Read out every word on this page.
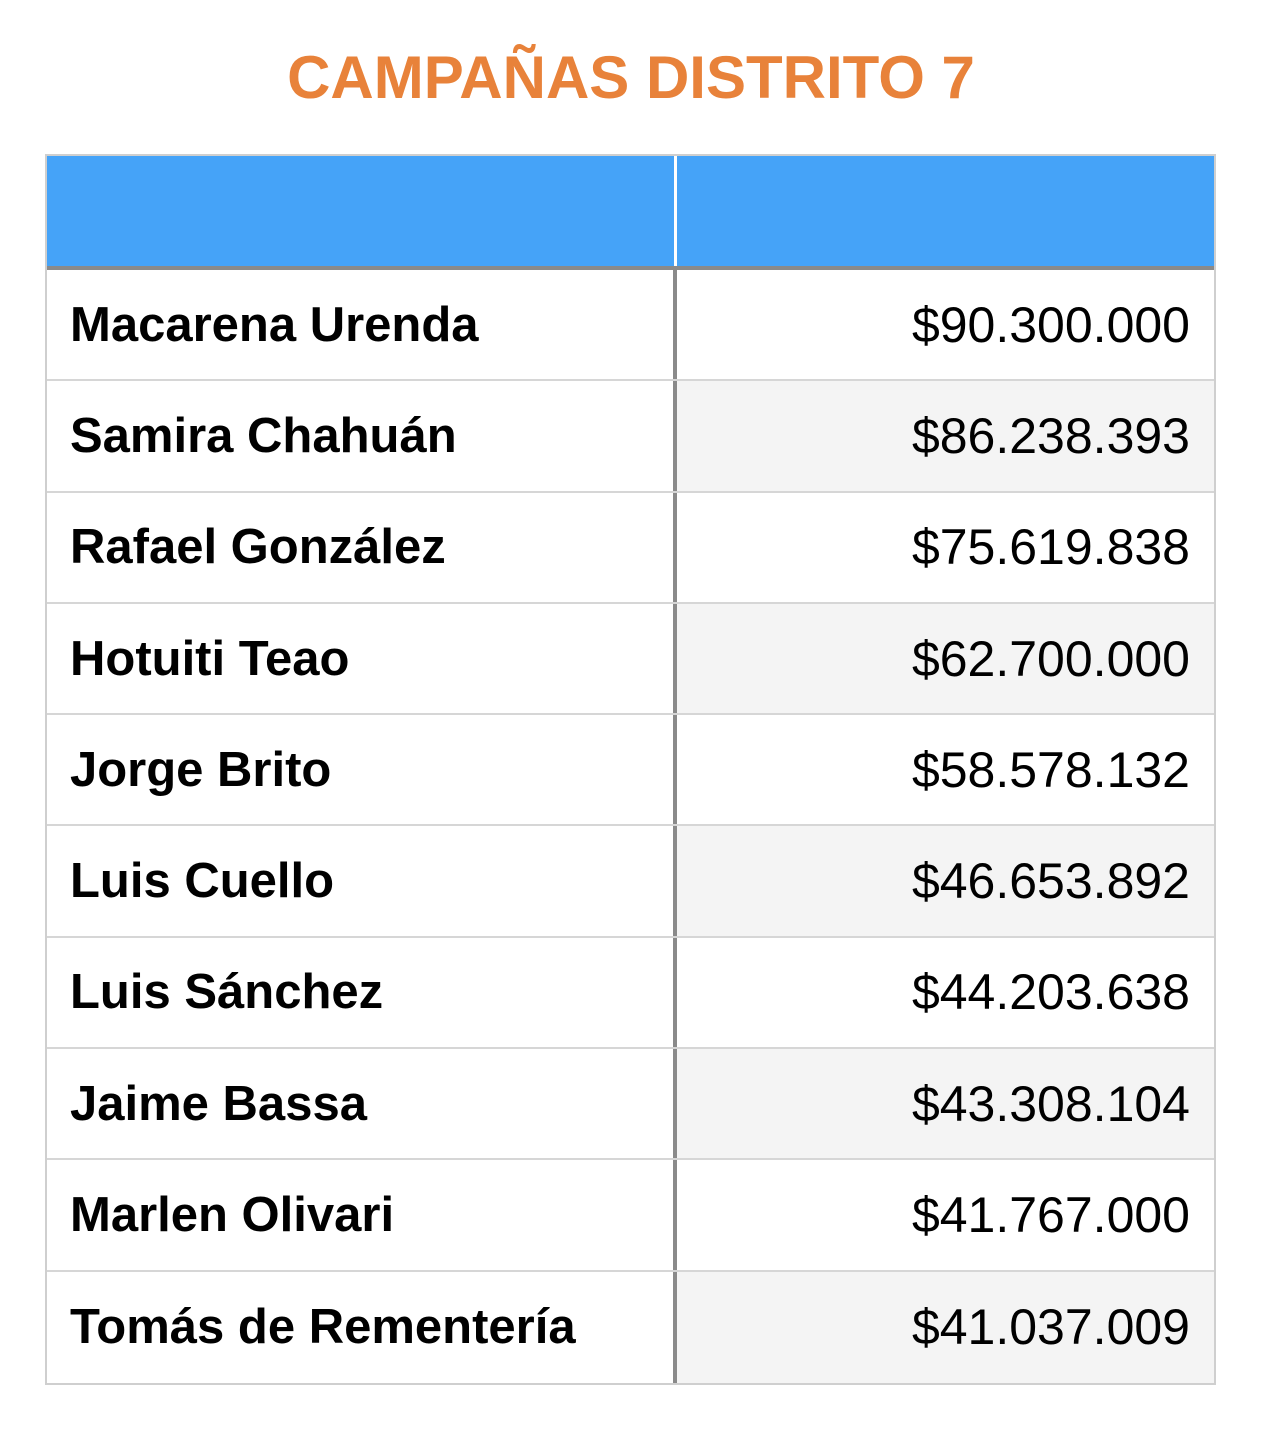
CAMPAÑAS DISTRITO 7
Macarena Urenda	$90.300.000
Samira Chahuán	$86.238.393
Rafael González	$75.619.838
Hotuiti Teao	$62.700.000
Jorge Brito	$58.578.132
Luis Cuello	$46.653.892
Luis Sánchez	$44.203.638
Jaime Bassa	$43.308.104
Marlen Olivari	$41.767.000
Tomás de Rementería	$41.037.009
